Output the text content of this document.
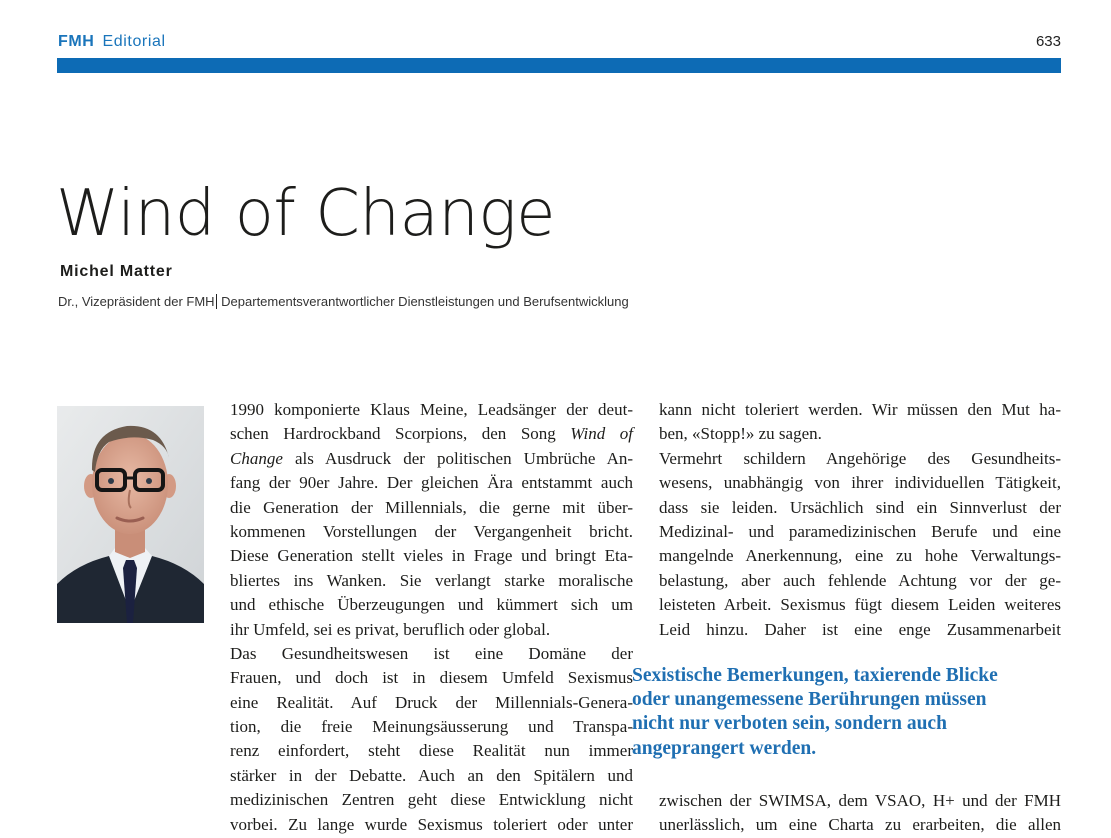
FMH Editorial	633
Wind of Change
Michel Matter
Dr., Vizepräsident der FMH Departementsverantwortlicher Dienstleistungen und Berufsentwicklung
1990 komponierte Klaus Meine, Leadsänger der deut-
schen Hardrockband Scorpions, den Song Wind of
Change als Ausdruck der politischen Umbrüche An-
fang der 90er Jahre. Der gleichen Ära entstammt auch
die Generation der Millennials, die gerne mit über-
kommenen Vorstellungen der Vergangenheit bricht.
Diese Generation stellt vieles in Frage und bringt Eta-
bliertes ins Wanken. Sie verlangt starke moralische
und ethische Überzeugungen und kümmert sich um
ihr Umfeld, sei es privat, beruflich oder global.
Das Gesundheitswesen ist eine Domäne der
Frauen, und doch ist in diesem Umfeld Sexismus
eine Realität. Auf Druck der Millennials-Genera-
tion, die freie Meinungsäusserung und Transpa-
renz einfordert, steht diese Realität nun immer
stärker in der Debatte. Auch an den Spitälern und
medizinischen Zentren geht diese Entwicklung nicht
vorbei. Zu lange wurde Sexismus toleriert oder unter
kann nicht toleriert werden. Wir müssen den Mut ha-
ben, «Stopp!» zu sagen.
Vermehrt schildern Angehörige des Gesundheits-
wesens, unabhängig von ihrer individuellen Tätigkeit,
dass sie leiden. Ursächlich sind ein Sinnverlust der
Medizinal- und paramedizinischen Berufe und eine
mangelnde Anerkennung, eine zu hohe Verwaltungs-
belastung, aber auch fehlende Achtung vor der ge-
leisteten Arbeit. Sexismus fügt diesem Leiden weiteres
Leid hinzu. Daher ist eine enge Zusammenarbeit
Sexistische Bemerkungen, taxierende Blicke
oder unangemessene Berührungen müssen
nicht nur verboten sein, sondern auch
angeprangert werden.
zwischen der SWIMSA, dem VSAO, H+ und der FMH
unerlässlich, um eine Charta zu erarbeiten, die allen
